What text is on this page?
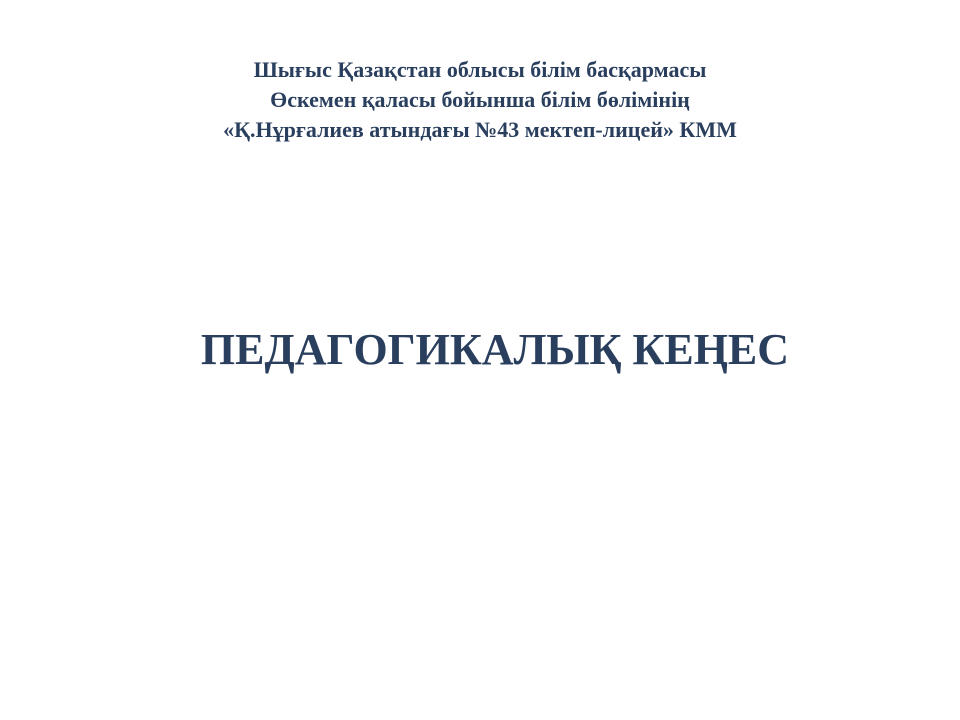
Шығыс Қазақстан облысы білім басқармасы
Өскемен қаласы бойынша білім бөлімінің
«Қ.Нұрғалиев атындағы №43 мектеп-лицей» КММ
ПЕДАГОГИКАЛЫҚ КЕҢЕС
